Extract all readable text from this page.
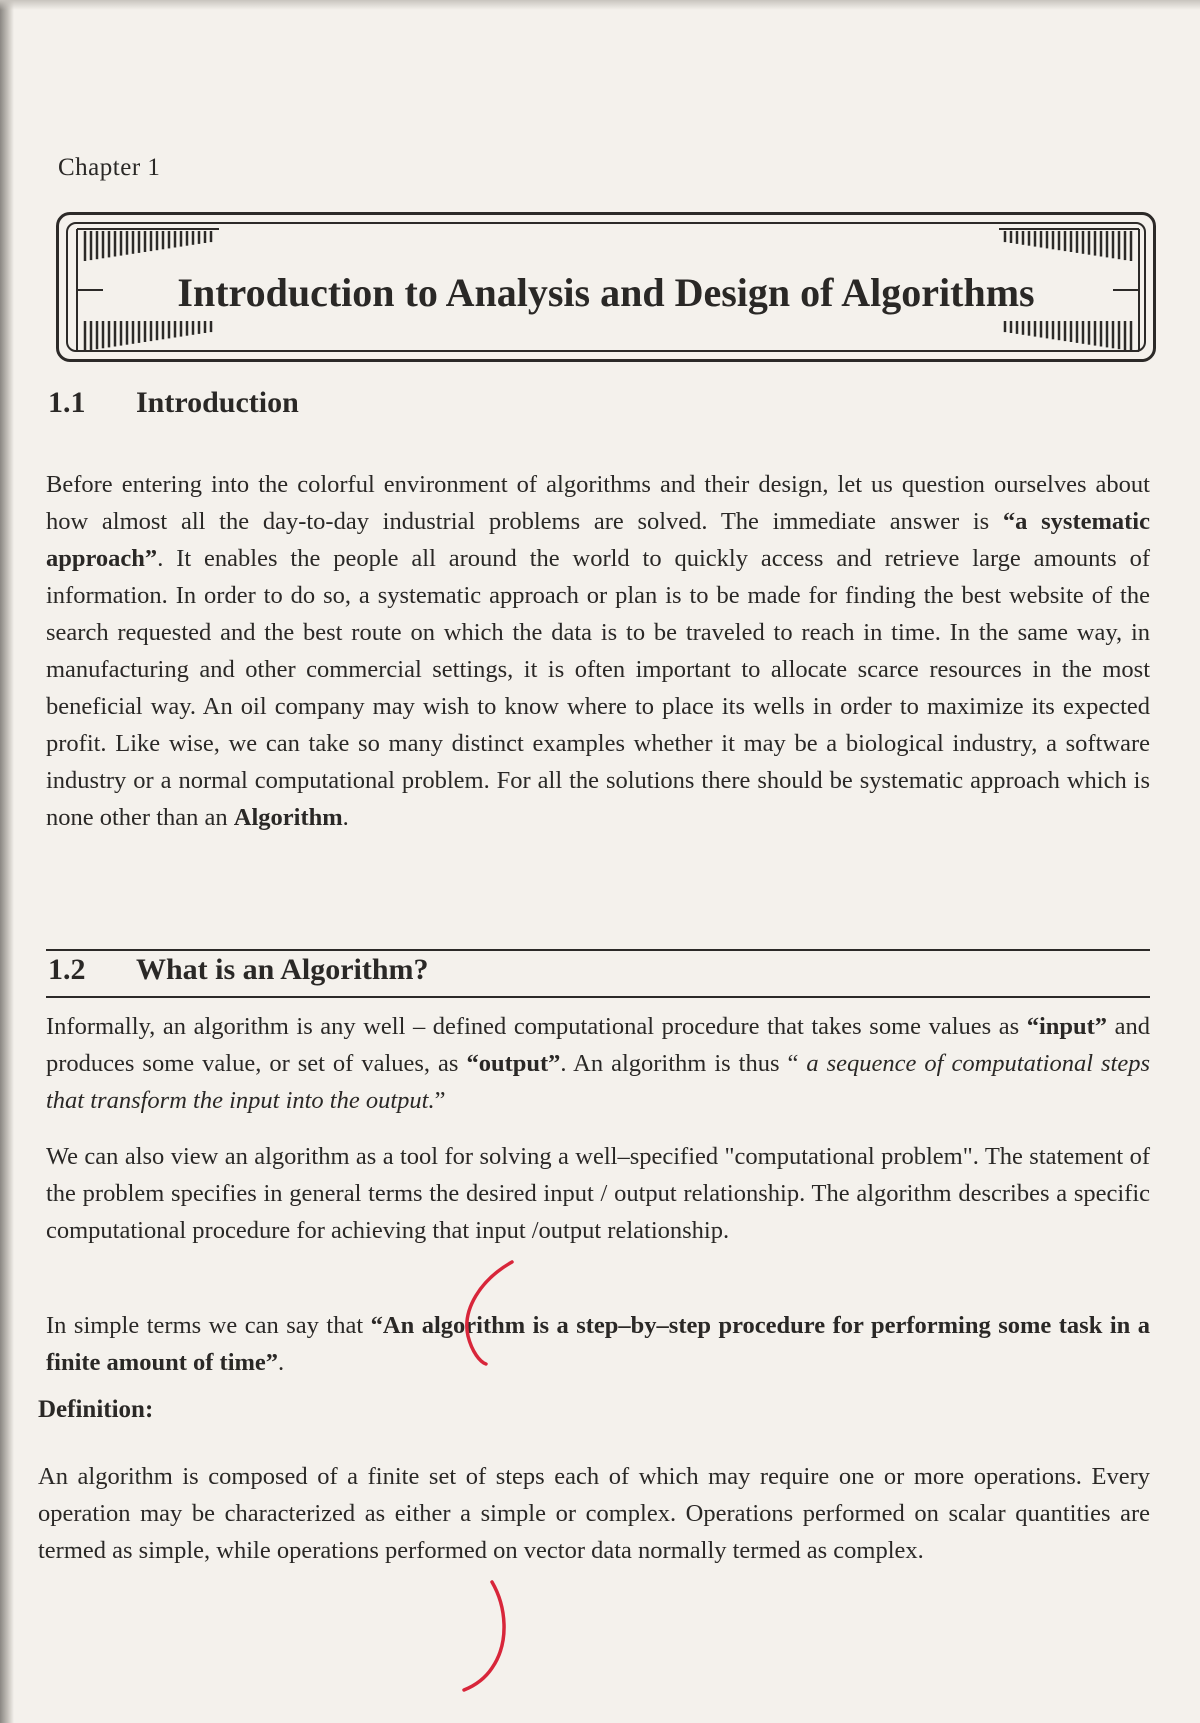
Chapter 1
Introduction to Analysis and Design of Algorithms
1.1 Introduction

Before entering into the colorful environment of algorithms and their design, let us question ourselves about how almost all the day-to-day industrial problems are solved. The immediate answer is “a systematic approach”. It enables the people all around the world to quickly access and retrieve large amounts of information. In order to do so, a systematic approach or plan is to be made for finding the best website of the search requested and the best route on which the data is to be traveled to reach in time. In the same way, in manufacturing and other commercial settings, it is often important to allocate scarce resources in the most beneficial way. An oil company may wish to know where to place its wells in order to maximize its expected profit. Like wise, we can take so many distinct examples whether it may be a biological industry, a software industry or a normal computational problem. For all the solutions there should be systematic approach which is none other than an Algorithm.

1.2 What is an Algorithm?

Informally, an algorithm is any well – defined computational procedure that takes some values as “input” and produces some value, or set of values, as “output”. An algorithm is thus “ a sequence of computational steps that transform the input into the output.”

We can also view an algorithm as a tool for solving a well–specified "computational problem". The statement of the problem specifies in general terms the desired input / output relationship. The algorithm describes a specific computational procedure for achieving that input /output relationship.

In simple terms we can say that “An algorithm is a step–by–step procedure for performing some task in a finite amount of time”.

Definition:

An algorithm is composed of a finite set of steps each of which may require one or more operations. Every operation may be characterized as either a simple or complex. Operations performed on scalar quantities are termed as simple, while operations performed on vector data normally termed as complex.
